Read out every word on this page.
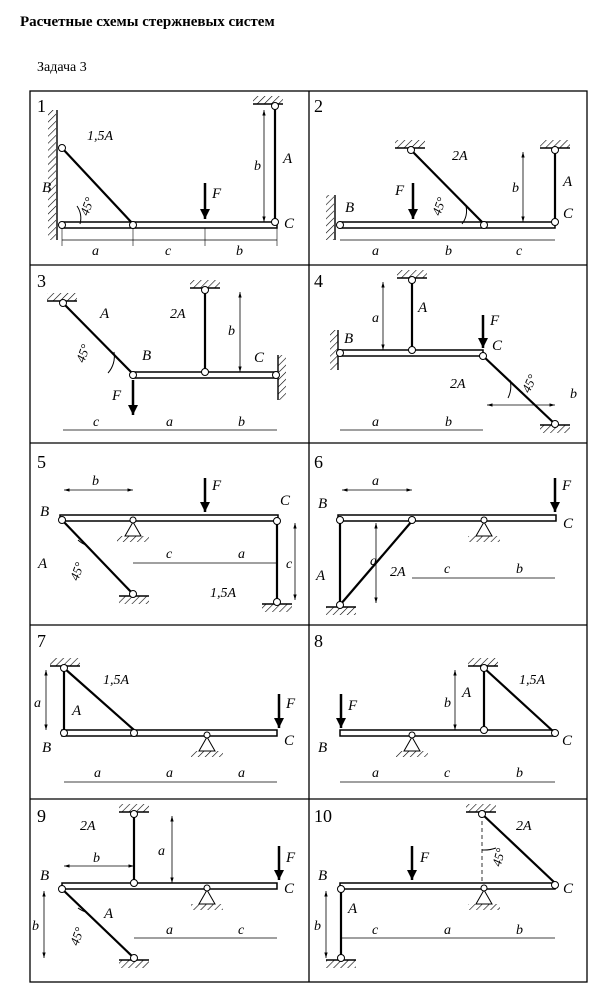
Расчетные схемы стержневых систем
Задача 3
1
1,5A
B
45°
F
A
b
C
a	c	b
2
2A
F
B	45°
b	A
C
a	b	c
3
A	2A
45°	B
b
C
F
c	a	b
4
a
A
B
F
C
2A	45° b
a	b
5
b	F
C
B
A 45°
c	a
c
1,5A
6
a	F
B
C
A
a
2A	c	b
7
1,5A
a A	F
B	C
a	a	a
8
b
A
1,5A
F
B	C
a	c	b
9
2A
b	a	F
B
C
A
b 45°	a	c
10
2A
F	45°
B
C
A
b	c	a	b
